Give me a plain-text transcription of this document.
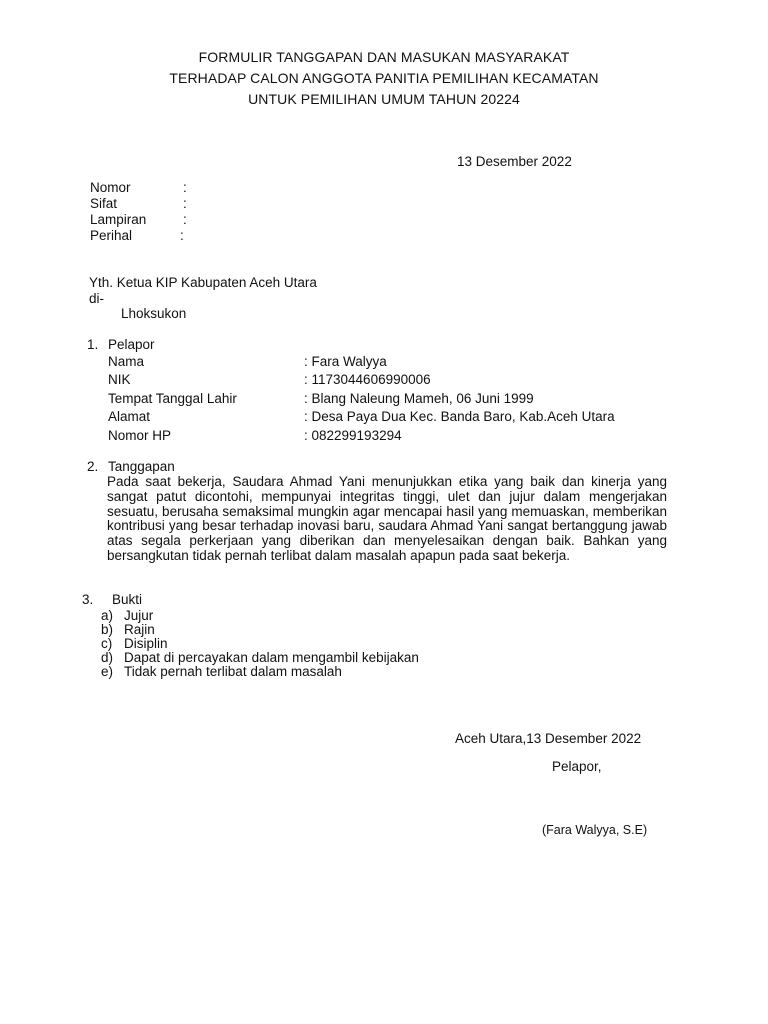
FORMULIR TANGGAPAN DAN MASUKAN MASYARAKAT
TERHADAP CALON ANGGOTA PANITIA PEMILIHAN KECAMATAN
UNTUK PEMILIHAN UMUM TAHUN 20224
13 Desember 2022
Nomor	:
Sifat	:
Lampiran	:
Perihal	:
Yth. Ketua KIP Kabupaten Aceh Utara
di-
Lhoksukon
1. Pelapor
Nama	: Fara Walyya
NIK	: 1173044606990006
Tempat Tanggal Lahir	: Blang Naleung Mameh, 06 Juni 1999
Alamat	: Desa Paya Dua Kec. Banda Baro, Kab.Aceh Utara
Nomor HP	: 082299193294
2. Tanggapan
Pada saat bekerja, Saudara Ahmad Yani menunjukkan etika yang baik dan kinerja yang sangat patut dicontohi, mempunyai integritas tinggi, ulet dan jujur dalam mengerjakan sesuatu, berusaha semaksimal mungkin agar mencapai hasil yang memuaskan, memberikan kontribusi yang besar terhadap inovasi baru, saudara Ahmad Yani sangat bertanggung jawab atas segala perkerjaan yang diberikan dan menyelesaikan dengan baik. Bahkan yang bersangkutan tidak pernah terlibat dalam masalah apapun pada saat bekerja.
3. Bukti
a) Jujur
b) Rajin
c) Disiplin
d) Dapat di percayakan dalam mengambil kebijakan
e) Tidak pernah terlibat dalam masalah
Aceh Utara,13 Desember 2022
Pelapor,
(Fara Walyya, S.E)
